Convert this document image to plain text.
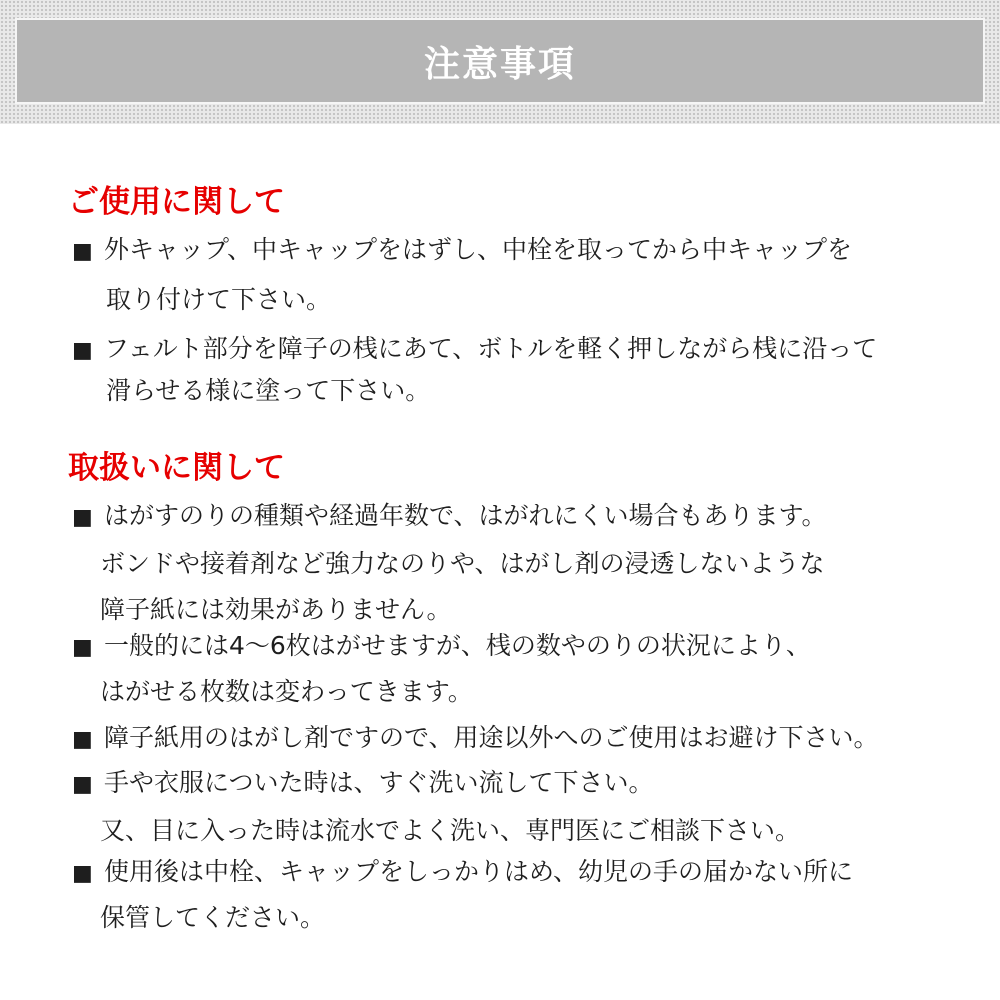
注意事項
ご使用に関して
■ 外キャップ、中キャップをはずし、中栓を取ってから中キャップを
取り付けて下さい。
■ フェルト部分を障子の桟にあて、ボトルを軽く押しながら桟に沿って
滑らせる様に塗って下さい。
取扱いに関して
■ はがすのりの種類や経過年数で、はがれにくい場合もあります。
ボンドや接着剤など強力なのりや、はがし剤の浸透しないような
障子紙には効果がありません。
■ 一般的には4～6枚はがせますが、桟の数やのりの状況により、
はがせる枚数は変わってきます。
■ 障子紙用のはがし剤ですので、用途以外へのご使用はお避け下さい。
■ 手や衣服についた時は、すぐ洗い流して下さい。
又、目に入った時は流水でよく洗い、専門医にご相談下さい。
■ 使用後は中栓、キャップをしっかりはめ、幼児の手の届かない所に
保管してください。
